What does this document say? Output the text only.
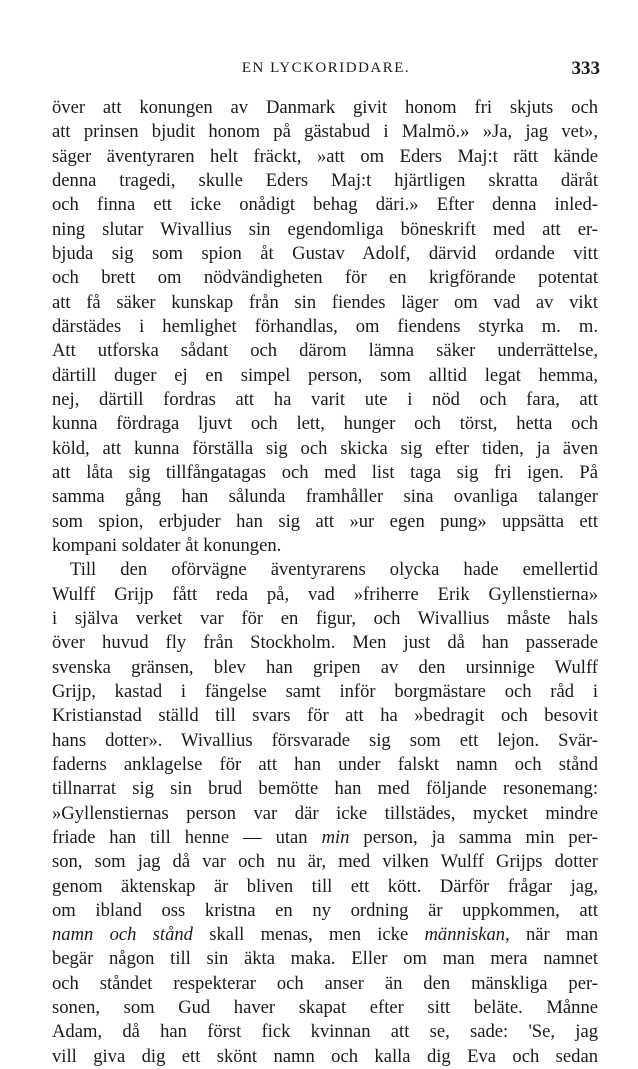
EN LYCKORIDDARE.	333
över att konungen av Danmark givit honom fri skjuts och
att prinsen bjudit honom på gästabud i Malmö.» »Ja, jag vet»,
säger äventyraren helt fräckt, »att om Eders Maj:t rätt kände
denna tragedi, skulle Eders Maj:t hjärtligen skratta däråt
och finna ett icke onådigt behag däri.» Efter denna inled-
ning slutar Wivallius sin egendomliga böneskrift med att er-
bjuda sig som spion åt Gustav Adolf, därvid ordande vitt
och brett om nödvändigheten för en krigförande potentat
att få säker kunskap från sin fiendes läger om vad av vikt
därstädes i hemlighet förhandlas, om fiendens styrka m. m.
Att utforska sådant och därom lämna säker underrättelse,
därtill duger ej en simpel person, som alltid legat hemma,
nej, därtill fordras att ha varit ute i nöd och fara, att
kunna fördraga ljuvt och lett, hunger och törst, hetta och
köld, att kunna förställa sig och skicka sig efter tiden, ja även
att låta sig tillfångatagas och med list taga sig fri igen. På
samma gång han sålunda framhåller sina ovanliga talanger
som spion, erbjuder han sig att »ur egen pung» uppsätta ett
kompani soldater åt konungen.
Till den oförvägne äventyrarens olycka hade emellertid
Wulff Grijp fått reda på, vad »friherre Erik Gyllenstierna»
i själva verket var för en figur, och Wivallius måste hals
över huvud fly från Stockholm. Men just då han passerade
svenska gränsen, blev han gripen av den ursinnige Wulff
Grijp, kastad i fängelse samt inför borgmästare och råd i
Kristianstad ställd till svars för att ha »bedragit och besovit
hans dotter». Wivallius försvarade sig som ett lejon. Svär-
faderns anklagelse för att han under falskt namn och stånd
tillnarrat sig sin brud bemötte han med följande resonemang:
»Gyllenstiernas person var där icke tillstädes, mycket mindre
friade han till henne — utan min person, ja samma min per-
son, som jag då var och nu är, med vilken Wulff Grijps dotter
genom äktenskap är bliven till ett kött. Därför frågar jag,
om ibland oss kristna en ny ordning är uppkommen, att
namn och stånd skall menas, men icke människan, när man
begär någon till sin äkta maka. Eller om man mera namnet
och ståndet respekterar och anser än den mänskliga per-
sonen, som Gud haver skapat efter sitt beläte. Månne
Adam, då han först fick kvinnan att se, sade: 'Se, jag
vill giva dig ett skönt namn och kalla dig Eva och sedan
